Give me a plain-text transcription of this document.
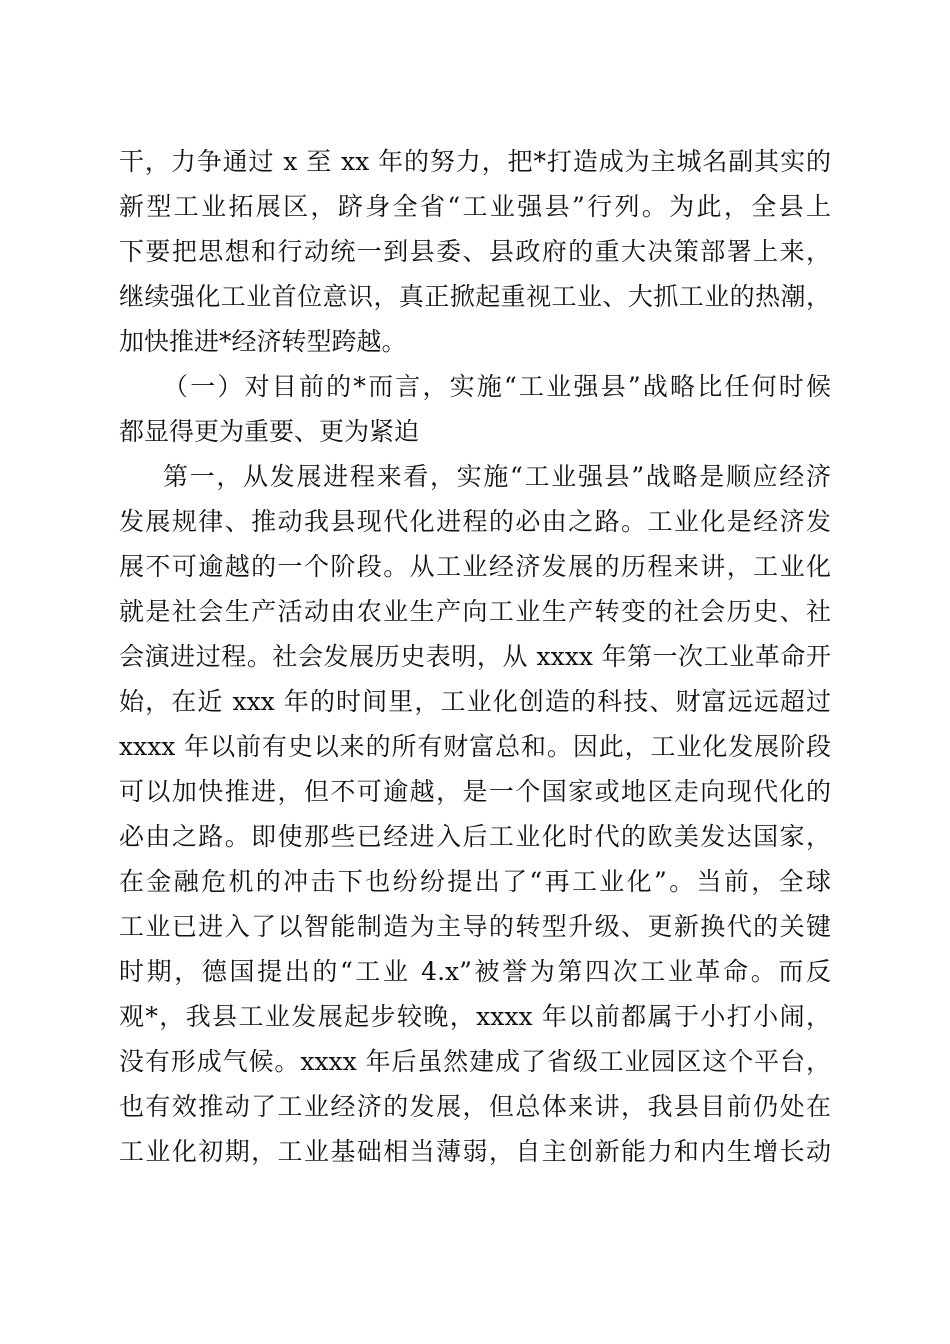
干，力争通过 x 至 xx 年的努力，把*打造成为主城名副其实的
新型工业拓展区，跻身全省“工业强县”行列。为此，全县上
下要把思想和行动统一到县委、县政府的重大决策部署上来，
继续强化工业首位意识，真正掀起重视工业、大抓工业的热潮，
加快推进*经济转型跨越。
（一）对目前的*而言，实施“工业强县”战略比任何时候
都显得更为重要、更为紧迫
第一，从发展进程来看，实施“工业强县”战略是顺应经济
发展规律、推动我县现代化进程的必由之路。工业化是经济发
展不可逾越的一个阶段。从工业经济发展的历程来讲，工业化
就是社会生产活动由农业生产向工业生产转变的社会历史、社
会演进过程。社会发展历史表明，从 xxxx 年第一次工业革命开
始，在近 xxx 年的时间里，工业化创造的科技、财富远远超过
xxxx 年以前有史以来的所有财富总和。因此，工业化发展阶段
可以加快推进，但不可逾越，是一个国家或地区走向现代化的
必由之路。即使那些已经进入后工业化时代的欧美发达国家，
在金融危机的冲击下也纷纷提出了“再工业化”。当前，全球
工业已进入了以智能制造为主导的转型升级、更新换代的关键
时期，德国提出的“工业 4.x”被誉为第四次工业革命。而反
观*，我县工业发展起步较晚，xxxx 年以前都属于小打小闹，
没有形成气候。xxxx 年后虽然建成了省级工业园区这个平台，
也有效推动了工业经济的发展，但总体来讲，我县目前仍处在
工业化初期，工业基础相当薄弱，自主创新能力和内生增长动
